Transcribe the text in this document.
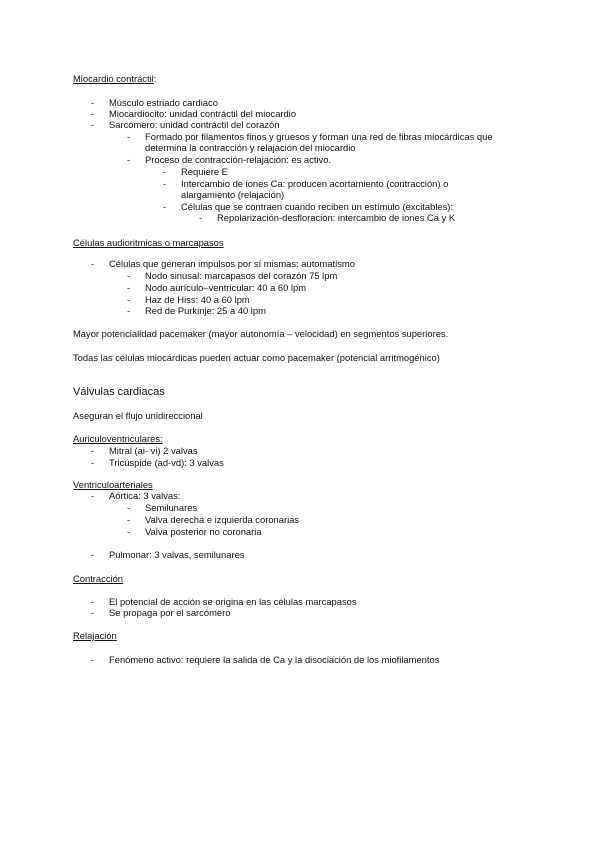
Miocardio contráctil:
- Músculo estriado cardiaco
- Miocardiocito: unidad contráctil del miocardio
- Sarcómero: unidad contráctil del corazón
- Formado por filamentos finos y gruesos y forman una red de fibras miocárdicas que
determina la contracción y relajación del miocardio
- Proceso de contracción-relajación: es activo.
- Requiere E
- Intercambio de iones Ca: producen acortamiento (contracción) o
alargamiento (relajación)
- Células que se contraen cuando reciben un estímulo (excitables):
- Repolarización-desfloracion: intercambio de iones Ca y K
Células audioritmicas o marcapasos
- Células que generan impulsos por sí mismas: automatismo
- Nodo sinusal: marcapasos del corazón 75 lpm
- Nodo aurículo–ventricular: 40 a 60 lpm
- Haz de Hiss: 40 a 60 lpm
- Red de Purkinje: 25 a 40 lpm
Mayor potencialidad pacemaker (mayor autonomía – velocidad) en segmentos superiores.
Todas las células miocárdicas pueden actuar como pacemaker (potencial arritmogénico)
Válvulas cardiacas
Aseguran el flujo unidireccional
Auriculoventriculares:
- Mitral (ai- vi) 2 valvas
- Tricúspide (ad-vd): 3 valvas
Ventriculoarteriales
- Aórtica: 3 valvas:
- Semilunares
- Valva derecha e izquierda coronarias
- Valva posterior no coronaria
- Pulmonar: 3 valvas, semilunares
Contracción
- El potencial de acción se origina en las células marcapasos
- Se propaga por el sarcómero
Relajación
- Fenómeno activo: requiere la salida de Ca y la disociación de los miofilamentos
